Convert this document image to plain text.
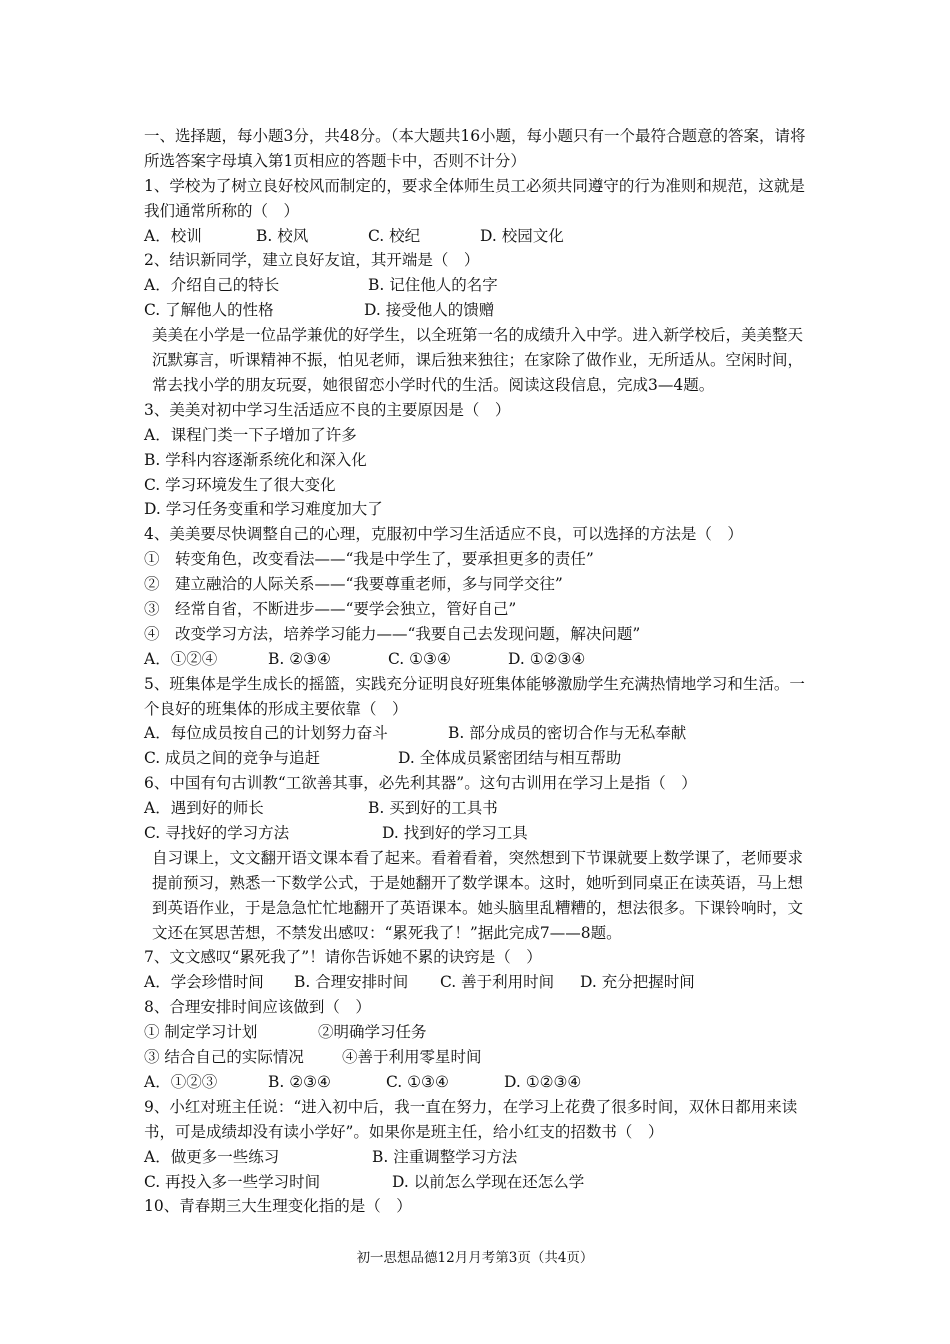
一、选择题，每小题3分，共48分。（本大题共16小题，每小题只有一个最符合题意的答案，请将所选答案字母填入第1页相应的答题卡中，否则不计分）
1、学校为了树立良好校风而制定的，要求全体师生员工必须共同遵守的行为准则和规范，这就是我们通常所称的（　）
A．校训	B. 校风	C. 校纪	D. 校园文化
2、结识新同学，建立良好友谊，其开端是（　）
A．介绍自己的特长	B. 记住他人的名字
C. 了解他人的性格	D. 接受他人的馈赠
美美在小学是一位品学兼优的好学生，以全班第一名的成绩升入中学。进入新学校后，美美整天沉默寡言，听课精神不振，怕见老师，课后独来独往；在家除了做作业，无所适从。空闲时间，常去找小学的朋友玩耍，她很留恋小学时代的生活。阅读这段信息，完成3—4题。
3、美美对初中学习生活适应不良的主要原因是（　）
A．课程门类一下子增加了许多
B. 学科内容逐渐系统化和深入化
C. 学习环境发生了很大变化
D. 学习任务变重和学习难度加大了
4、美美要尽快调整自己的心理，克服初中学习生活适应不良，可以选择的方法是（　）
①　转变角色，改变看法——“我是中学生了，要承担更多的责任”
②　建立融洽的人际关系——“我要尊重老师，多与同学交往”
③　经常自省，不断进步——“要学会独立，管好自己”
④　改变学习方法，培养学习能力——“我要自己去发现问题，解决问题”
A．①②④	B. ②③④	C. ①③④	D. ①②③④
5、班集体是学生成长的摇篮，实践充分证明良好班集体能够激励学生充满热情地学习和生活。一个良好的班集体的形成主要依靠（　）
A．每位成员按自己的计划努力奋斗	B. 部分成员的密切合作与无私奉献
C. 成员之间的竞争与追赶	D. 全体成员紧密团结与相互帮助
6、中国有句古训教“工欲善其事，必先利其器”。这句古训用在学习上是指（　）
A．遇到好的师长	B. 买到好的工具书
C. 寻找好的学习方法	D. 找到好的学习工具
自习课上，文文翻开语文课本看了起来。看着看着，突然想到下节课就要上数学课了，老师要求提前预习，熟悉一下数学公式，于是她翻开了数学课本。这时，她听到同桌正在读英语，马上想到英语作业，于是急急忙忙地翻开了英语课本。她头脑里乱糟糟的，想法很多。下课铃响时，文文还在冥思苦想，不禁发出感叹：“累死我了！”据此完成7——8题。
7、文文感叹“累死我了”！请你告诉她不累的诀窍是（　）
A．学会珍惜时间	B. 合理安排时间	C. 善于利用时间	D. 充分把握时间
8、合理安排时间应该做到（　）
① 制定学习计划	②明确学习任务
③ 结合自己的实际情况	④善于利用零星时间
A．①②③	B. ②③④	C. ①③④	D. ①②③④
9、小红对班主任说：“进入初中后，我一直在努力，在学习上花费了很多时间，双休日都用来读书，可是成绩却没有读小学好”。如果你是班主任，给小红支的招数书（　）
A．做更多一些练习	B. 注重调整学习方法
C. 再投入多一些学习时间	D. 以前怎么学现在还怎么学
10、青春期三大生理变化指的是（　）
初一思想品德12月月考第3页（共4页）
